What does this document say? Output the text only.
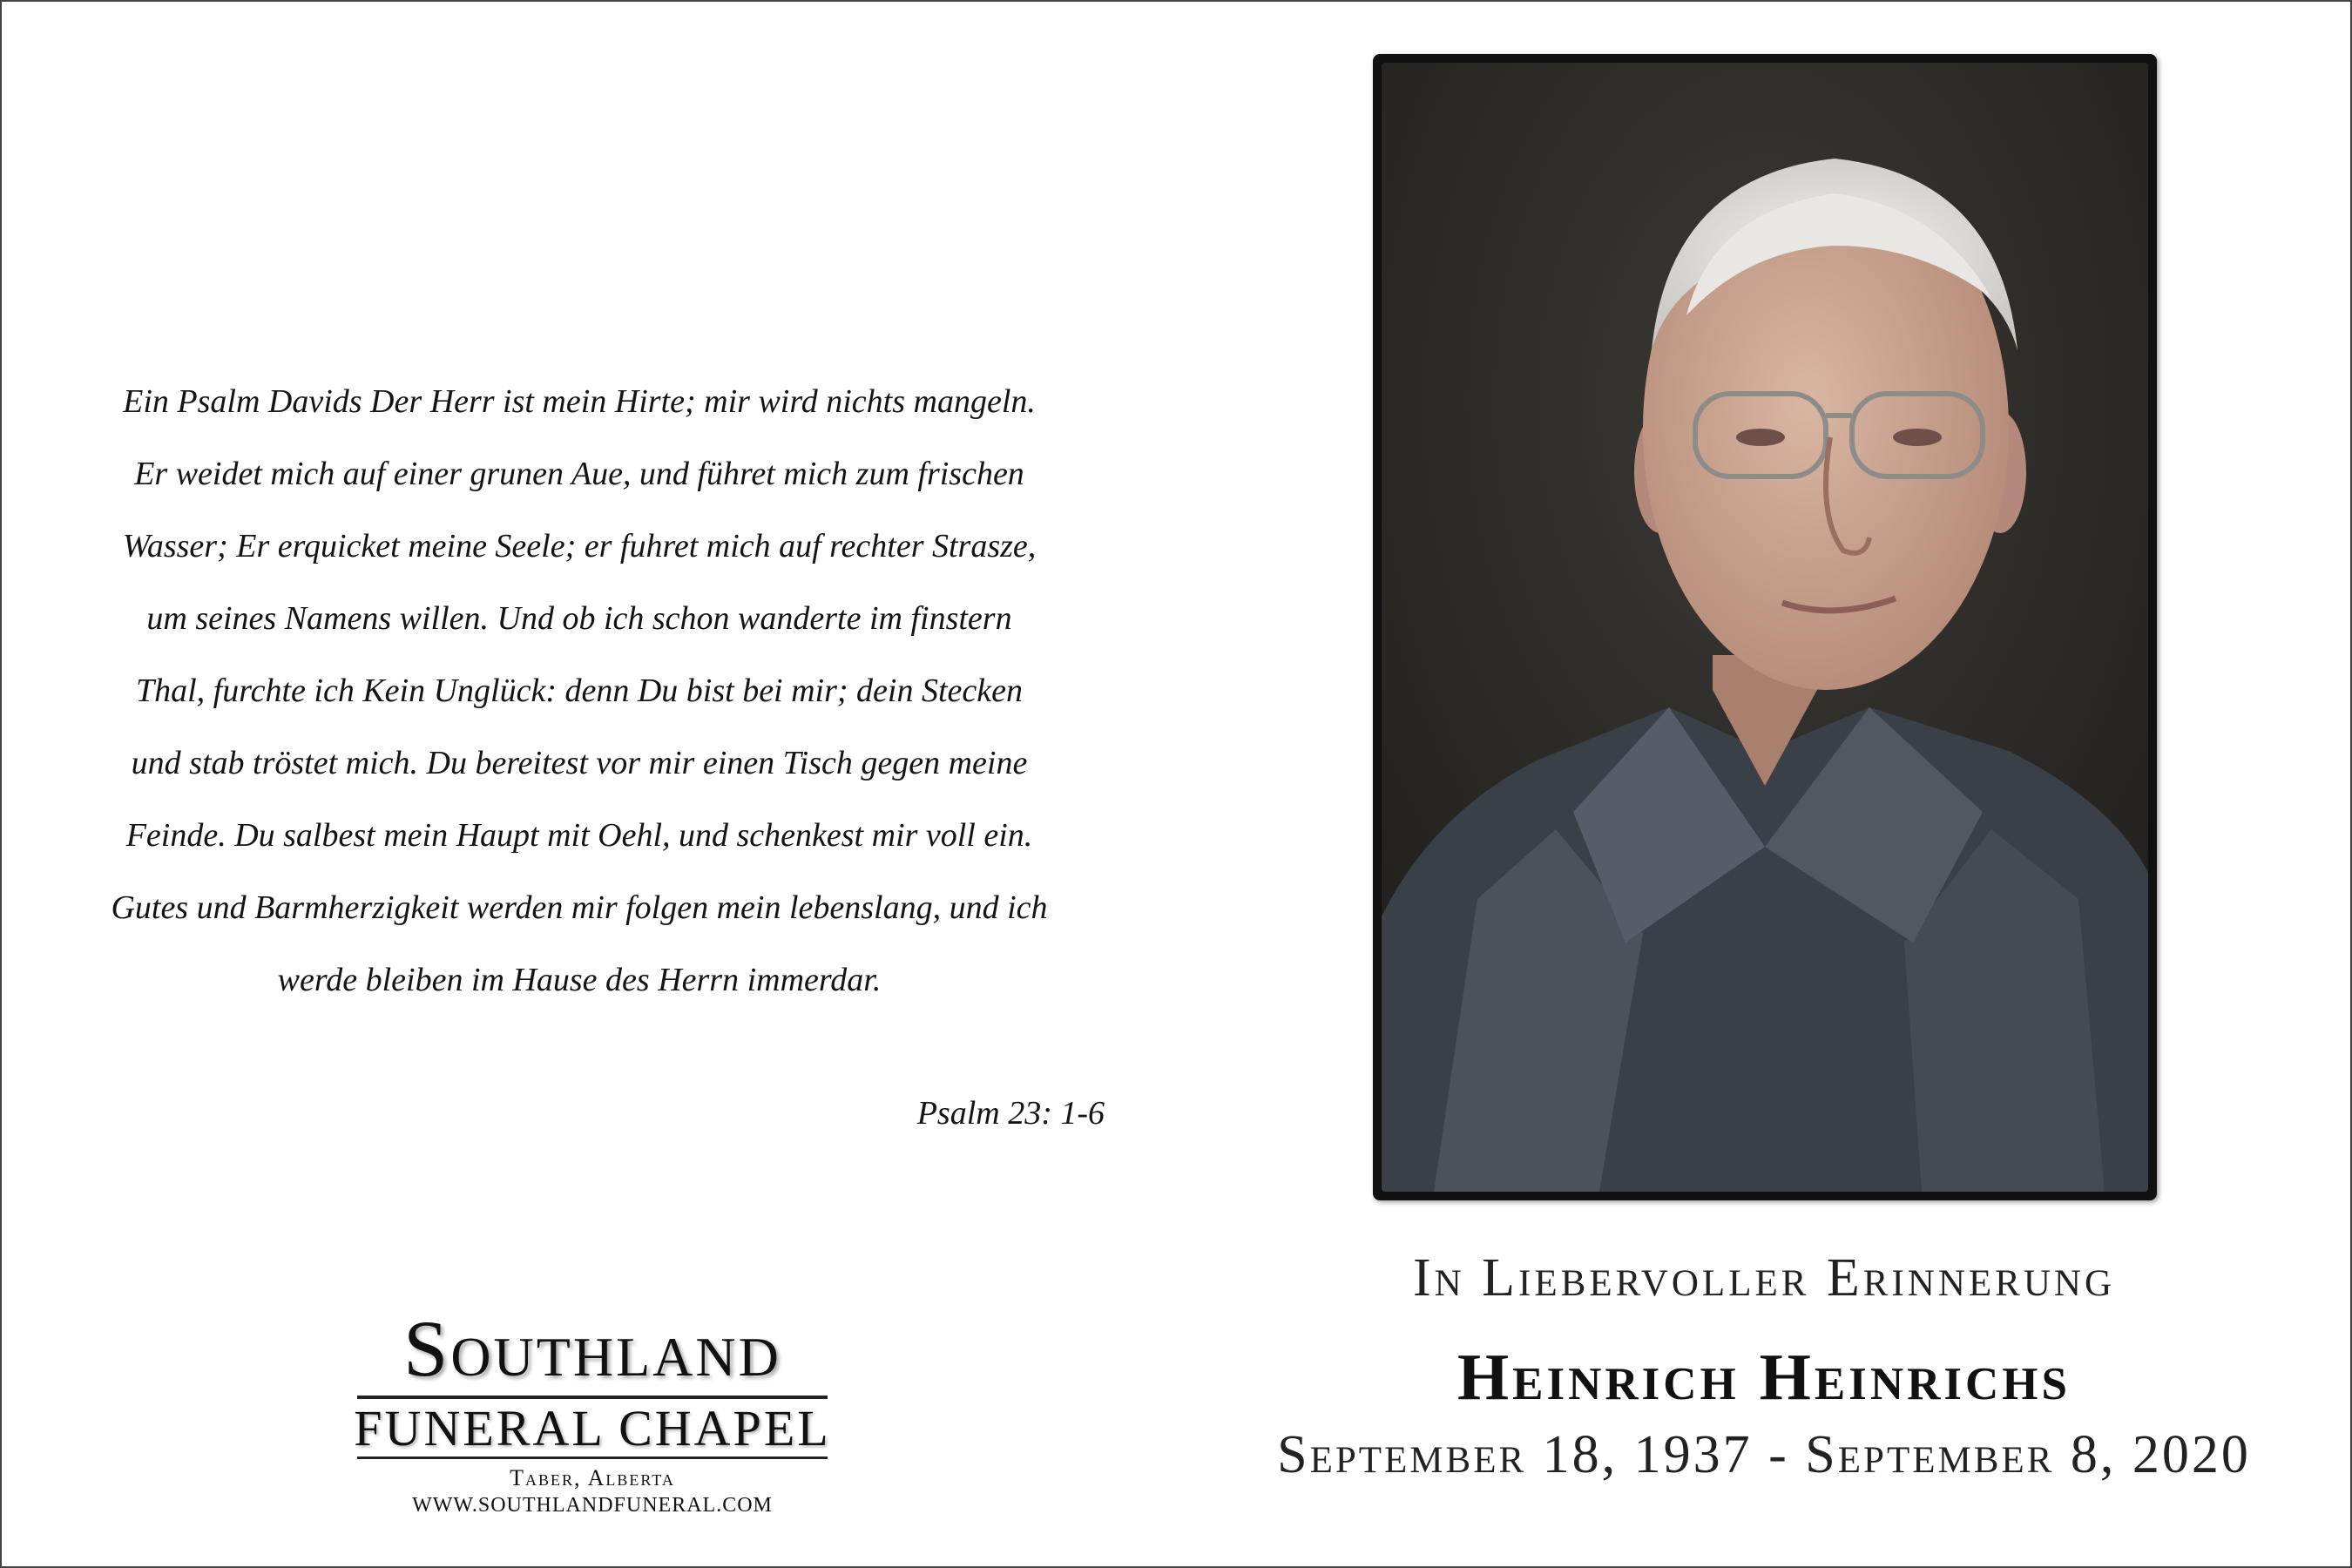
Ein Psalm Davids Der Herr ist mein Hirte; mir wird nichts mangeln.
Er weidet mich auf einer grunen Aue, und führet mich zum frischen
Wasser; Er erquicket meine Seele; er fuhret mich auf rechter Strasze,
um seines Namens willen. Und ob ich schon wanderte im finstern
Thal, furchte ich Kein Unglück: denn Du bist bei mir; dein Stecken
und stab tröstet mich. Du bereitest vor mir einen Tisch gegen meine
Feinde. Du salbest mein Haupt mit Oehl, und schenkest mir voll ein.
Gutes und Barmherzigkeit werden mir folgen mein lebenslang, und ich
werde bleiben im Hause des Herrn immerdar.
Psalm 23: 1-6
Southland
FUNERAL CHAPEL
Taber, Alberta
WWW.SOUTHLANDFUNERAL.COM
In Liebervoller Erinnerung
Heinrich Heinrichs
September 18, 1937 - September 8, 2020
